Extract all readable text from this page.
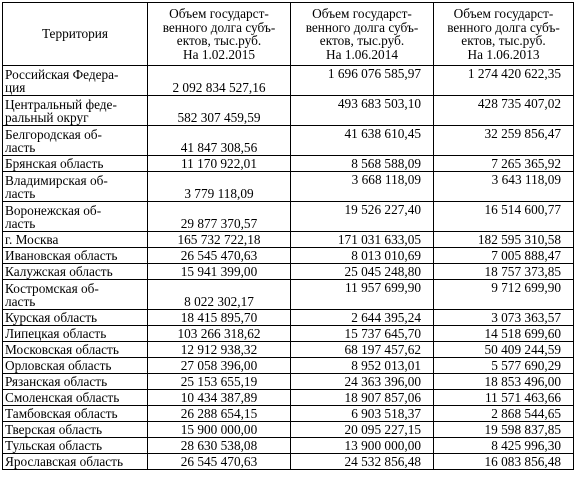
Территория	Объем государст-
венного долга субъ-
ектов, тыс.руб.
На 1.02.2015	Объем государст-
венного долга субъ-
ектов, тыс.руб.
На 1.06.2014	Объем государст-
венного долга субъ-
ектов, тыс.руб.
На 1.06.2013

Российская Федера-
ция	2 092 834 527,16	1 696 076 585,97	1 274 420 622,35

Центральный феде-
ральный округ	582 307 459,59	493 683 503,10	428 735 407,02

Белгородская об-
ласть	41 847 308,56	41 638 610,45	32 259 856,47

Брянская область	11 170 922,01	8 568 588,09	7 265 365,92

Владимирская об-
ласть	3 779 118,09	3 668 118,09	3 643 118,09

Воронежская об-
ласть	29 877 370,57	19 526 227,40	16 514 600,77

г. Москва	165 732 722,18	171 031 633,05	182 595 310,58

Ивановская область	26 545 470,63	8 013 010,69	7 005 888,47

Калужская область	15 941 399,00	25 045 248,80	18 757 373,85

Костромская об-
ласть	8 022 302,17	11 957 699,90	9 712 699,90

Курская область	18 415 895,70	2 644 395,24	3 073 363,57

Липецкая область	103 266 318,62	15 737 645,70	14 518 699,60

Московская область	12 912 938,32	68 197 457,62	50 409 244,59

Орловская область	27 058 396,00	8 952 013,01	5 577 690,29

Рязанская область	25 153 655,19	24 363 396,00	18 853 496,00

Смоленская область	10 434 387,89	18 907 857,06	11 571 463,66

Тамбовская область	26 288 654,15	6 903 518,37	2 868 544,65

Тверская область	15 900 000,00	20 095 227,15	19 598 837,85

Тульская область	28 630 538,08	13 900 000,00	8 425 996,30

Ярославская область	26 545 470,63	24 532 856,48	16 083 856,48
